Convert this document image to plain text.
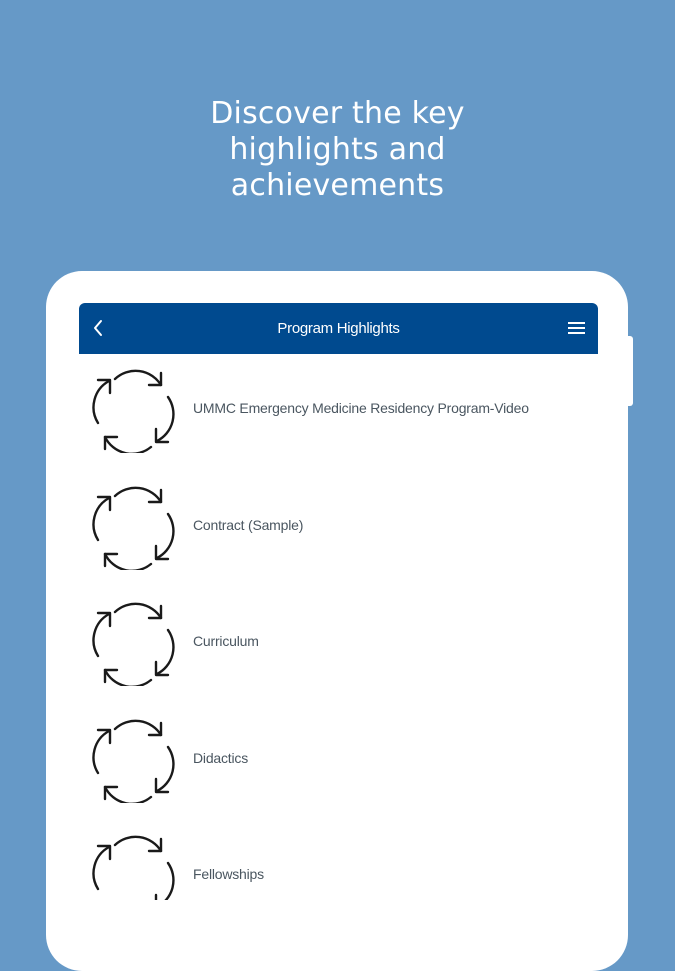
Discover the key
highlights and
achievements
Program Highlights
UMMC Emergency Medicine Residency Program-Video
Contract (Sample)
Curriculum
Didactics
Fellowships
